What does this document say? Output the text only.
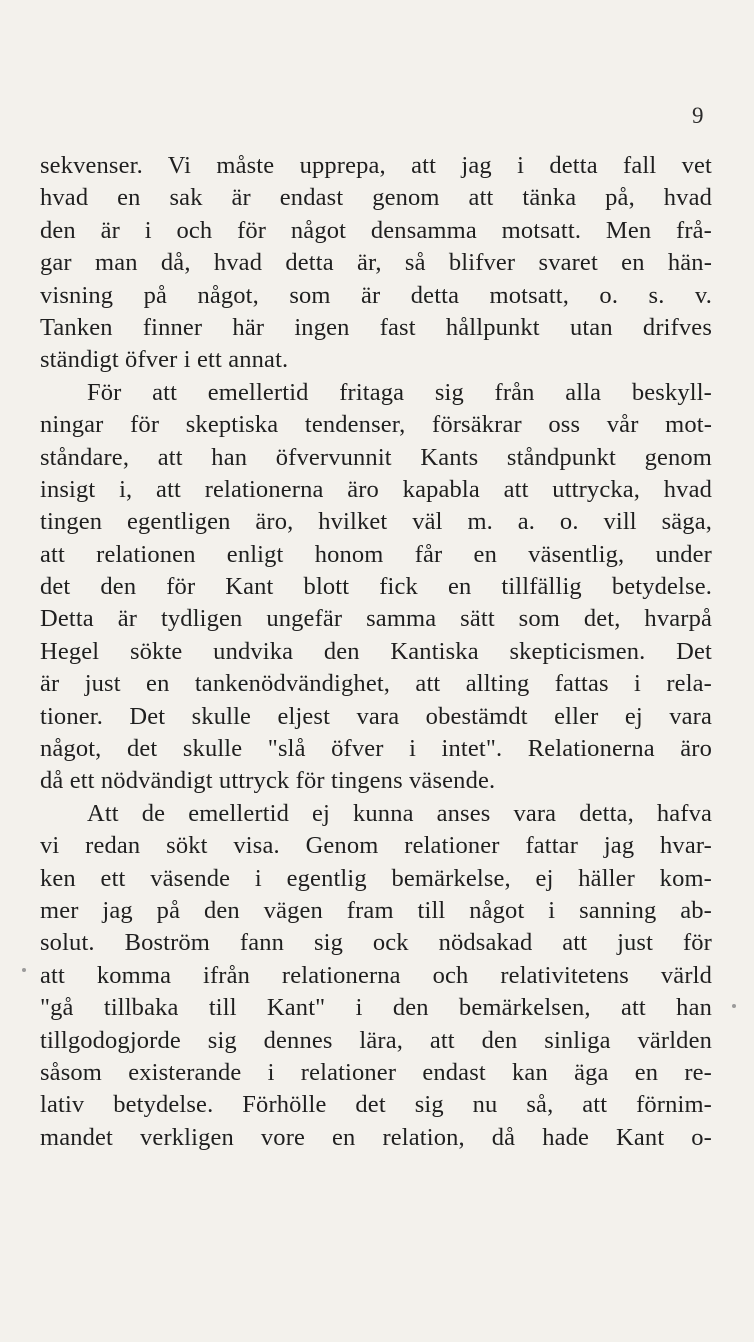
9
sekvenser. Vi måste upprepa, att jag i detta fall vet
hvad en sak är endast genom att tänka på, hvad
den är i och för något densamma motsatt. Men frå-
gar man då, hvad detta är, så blifver svaret en hän-
visning på något, som är detta motsatt, o. s. v.
Tanken finner här ingen fast hållpunkt utan drifves
ständigt öfver i ett annat.
För att emellertid fritaga sig från alla beskyll-
ningar för skeptiska tendenser, försäkrar oss vår mot-
ståndare, att han öfvervunnit Kants ståndpunkt genom
insigt i, att relationerna äro kapabla att uttrycka, hvad
tingen egentligen äro, hvilket väl m. a. o. vill säga,
att relationen enligt honom får en väsentlig, under
det den för Kant blott fick en tillfällig betydelse.
Detta är tydligen ungefär samma sätt som det, hvarpå
Hegel sökte undvika den Kantiska skepticismen. Det
är just en tankenödvändighet, att allting fattas i rela-
tioner. Det skulle eljest vara obestämdt eller ej vara
något, det skulle "slå öfver i intet". Relationerna äro
då ett nödvändigt uttryck för tingens väsende.
Att de emellertid ej kunna anses vara detta, hafva
vi redan sökt visa. Genom relationer fattar jag hvar-
ken ett väsende i egentlig bemärkelse, ej häller kom-
mer jag på den vägen fram till något i sanning ab-
solut. Boström fann sig ock nödsakad att just för
att komma ifrån relationerna och relativitetens värld
"gå tillbaka till Kant" i den bemärkelsen, att han
tillgodogjorde sig dennes lära, att den sinliga världen
såsom existerande i relationer endast kan äga en re-
lativ betydelse. Förhölle det sig nu så, att förnim-
mandet verkligen vore en relation, då hade Kant o-
